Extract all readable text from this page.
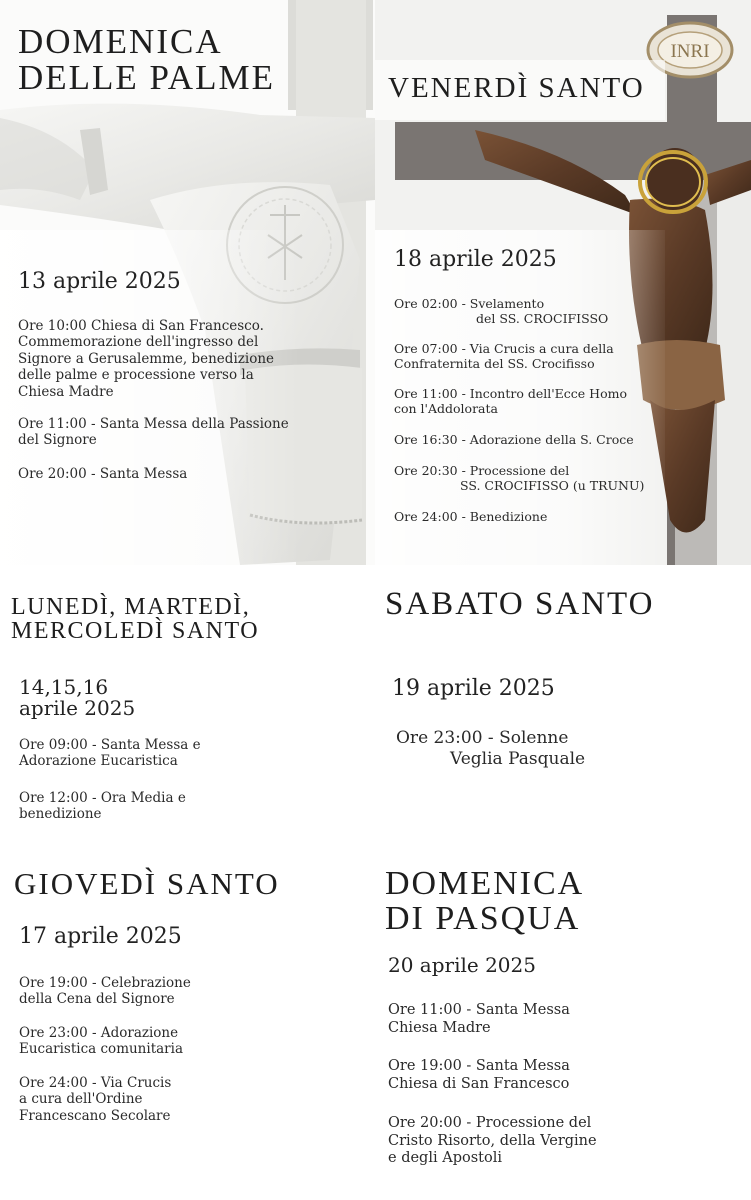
DOMENICA
DELLE PALME

13 aprile 2025

Ore 10:00 Chiesa di San Francesco.
Commemorazione dell'ingresso del
Signore a Gerusalemme, benedizione
delle palme e processione verso la
Chiesa Madre

Ore 11:00 - Santa Messa della Passione
del Signore

Ore 20:00 - Santa Messa

INRI
VENERDÌ SANTO

18 aprile 2025

Ore 02:00 - Svelamento
del SS. CROCIFISSO

Ore 07:00 - Via Crucis a cura della
Confraternita del SS. Crocifisso

Ore 11:00 - Incontro dell'Ecce Homo
con l'Addolorata

Ore 16:30 - Adorazione della S. Croce

Ore 20:30 - Processione del
SS. CROCIFISSO (u TRUNU)

Ore 24:00 - Benedizione

LUNEDÌ, MARTEDÌ,
MERCOLEDÌ SANTO

14,15,16
aprile 2025

Ore 09:00 - Santa Messa e
Adorazione Eucaristica

Ore 12:00 - Ora Media e
benedizione

SABATO SANTO

19 aprile 2025

Ore 23:00 - Solenne
Veglia Pasquale

GIOVEDÌ SANTO

17 aprile 2025

Ore 19:00 - Celebrazione
della Cena del Signore

Ore 23:00 - Adorazione
Eucaristica comunitaria

Ore 24:00 - Via Crucis
a cura dell'Ordine
Francescano Secolare

DOMENICA
DI PASQUA

20 aprile 2025

Ore 11:00 - Santa Messa
Chiesa Madre

Ore 19:00 - Santa Messa
Chiesa di San Francesco

Ore 20:00 - Processione del
Cristo Risorto, della Vergine
e degli Apostoli
